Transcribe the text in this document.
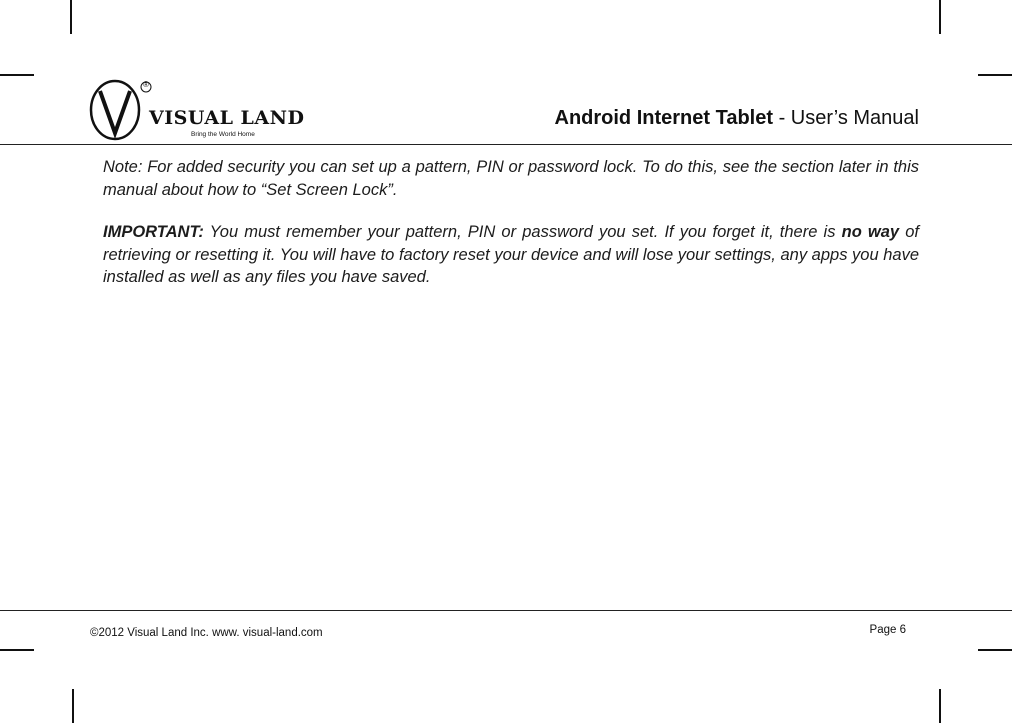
®
VISUAL LAND
Bring the World Home
Android Internet Tablet - User’s Manual

Note: For added security you can set up a pattern, PIN or password lock. To do this, see the section later in this manual about how to “Set Screen Lock”.

IMPORTANT: You must remember your pattern, PIN or password you set. If you forget it, there is no way of retrieving or resetting it. You will have to factory reset your device and will lose your settings, any apps you have installed as well as any files you have saved.

©2012 Visual Land Inc. www. visual-land.com	Page 6
